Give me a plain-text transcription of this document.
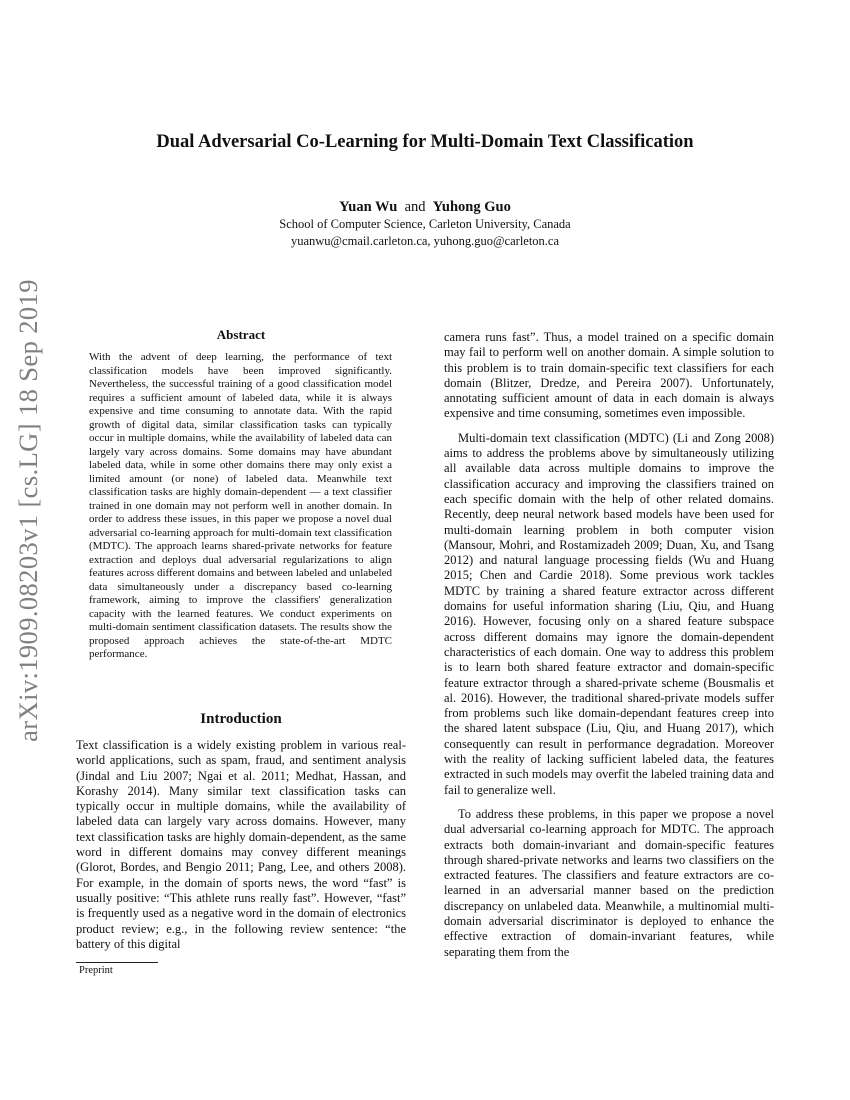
arXiv:1909.08203v1 [cs.LG] 18 Sep 2019
Dual Adversarial Co-Learning for Multi-Domain Text Classification

Yuan Wu and Yuhong Guo

School of Computer Science, Carleton University, Canada
yuanwu@cmail.carleton.ca, yuhong.guo@carleton.ca
Abstract

With the advent of deep learning, the performance of text classification models have been improved significantly. Nevertheless, the successful training of a good classification model requires a sufficient amount of labeled data, while it is always expensive and time consuming to annotate data. With the rapid growth of digital data, similar classification tasks can typically occur in multiple domains, while the availability of labeled data can largely vary across domains. Some domains may have abundant labeled data, while in some other domains there may only exist a limited amount (or none) of labeled data. Meanwhile text classification tasks are highly domain-dependent — a text classifier trained in one domain may not perform well in another domain. In order to address these issues, in this paper we propose a novel dual adversarial co-learning approach for multi-domain text classification (MDTC). The approach learns shared-private networks for feature extraction and deploys dual adversarial regularizations to align features across different domains and between labeled and unlabeled data simultaneously under a discrepancy based co-learning framework, aiming to improve the classifiers' generalization capacity with the learned features. We conduct experiments on multi-domain sentiment classification datasets. The results show the proposed approach achieves the state-of-the-art MDTC performance.

Introduction

Text classification is a widely existing problem in various real-world applications, such as spam, fraud, and sentiment analysis (Jindal and Liu 2007; Ngai et al. 2011; Medhat, Hassan, and Korashy 2014). Many similar text classification tasks can typically occur in multiple domains, while the availability of labeled data can largely vary across domains. However, many text classification tasks are highly domain-dependent, as the same word in different domains may convey different meanings (Glorot, Bordes, and Bengio 2011; Pang, Lee, and others 2008). For example, in the domain of sports news, the word “fast” is usually positive: “This athlete runs really fast”. However, “fast” is frequently used as a negative word in the domain of electronics product review; e.g., in the following review sentence: “the battery of this digital

Preprint

camera runs fast”. Thus, a model trained on a specific domain may fail to perform well on another domain. A simple solution to this problem is to train domain-specific text classifiers for each domain (Blitzer, Dredze, and Pereira 2007). Unfortunately, annotating sufficient amount of data in each domain is always expensive and time consuming, sometimes even impossible.

Multi-domain text classification (MDTC) (Li and Zong 2008) aims to address the problems above by simultaneously utilizing all available data across multiple domains to improve the classification accuracy and improving the classifiers trained on each specific domain with the help of other related domains. Recently, deep neural network based models have been used for multi-domain learning problem in both computer vision (Mansour, Mohri, and Rostamizadeh 2009; Duan, Xu, and Tsang 2012) and natural language processing fields (Wu and Huang 2015; Chen and Cardie 2018). Some previous work tackles MDTC by training a shared feature extractor across different domains for useful information sharing (Liu, Qiu, and Huang 2016). However, focusing only on a shared feature subspace across different domains may ignore the domain-dependent characteristics of each domain. One way to address this problem is to learn both shared feature extractor and domain-specific feature extractor through a shared-private scheme (Bousmalis et al. 2016). However, the traditional shared-private models suffer from problems such like domain-dependant features creep into the shared latent subspace (Liu, Qiu, and Huang 2017), which consequently can result in performance degradation. Moreover with the reality of lacking sufficient labeled data, the features extracted in such models may overfit the labeled training data and fail to generalize well.

To address these problems, in this paper we propose a novel dual adversarial co-learning approach for MDTC. The approach extracts both domain-invariant and domain-specific features through shared-private networks and learns two classifiers on the extracted features. The classifiers and feature extractors are co-learned in an adversarial manner based on the prediction discrepancy on unlabeled data. Meanwhile, a multinomial multi-domain adversarial discriminator is deployed to enhance the effective extraction of domain-invariant features, while separating them from the
